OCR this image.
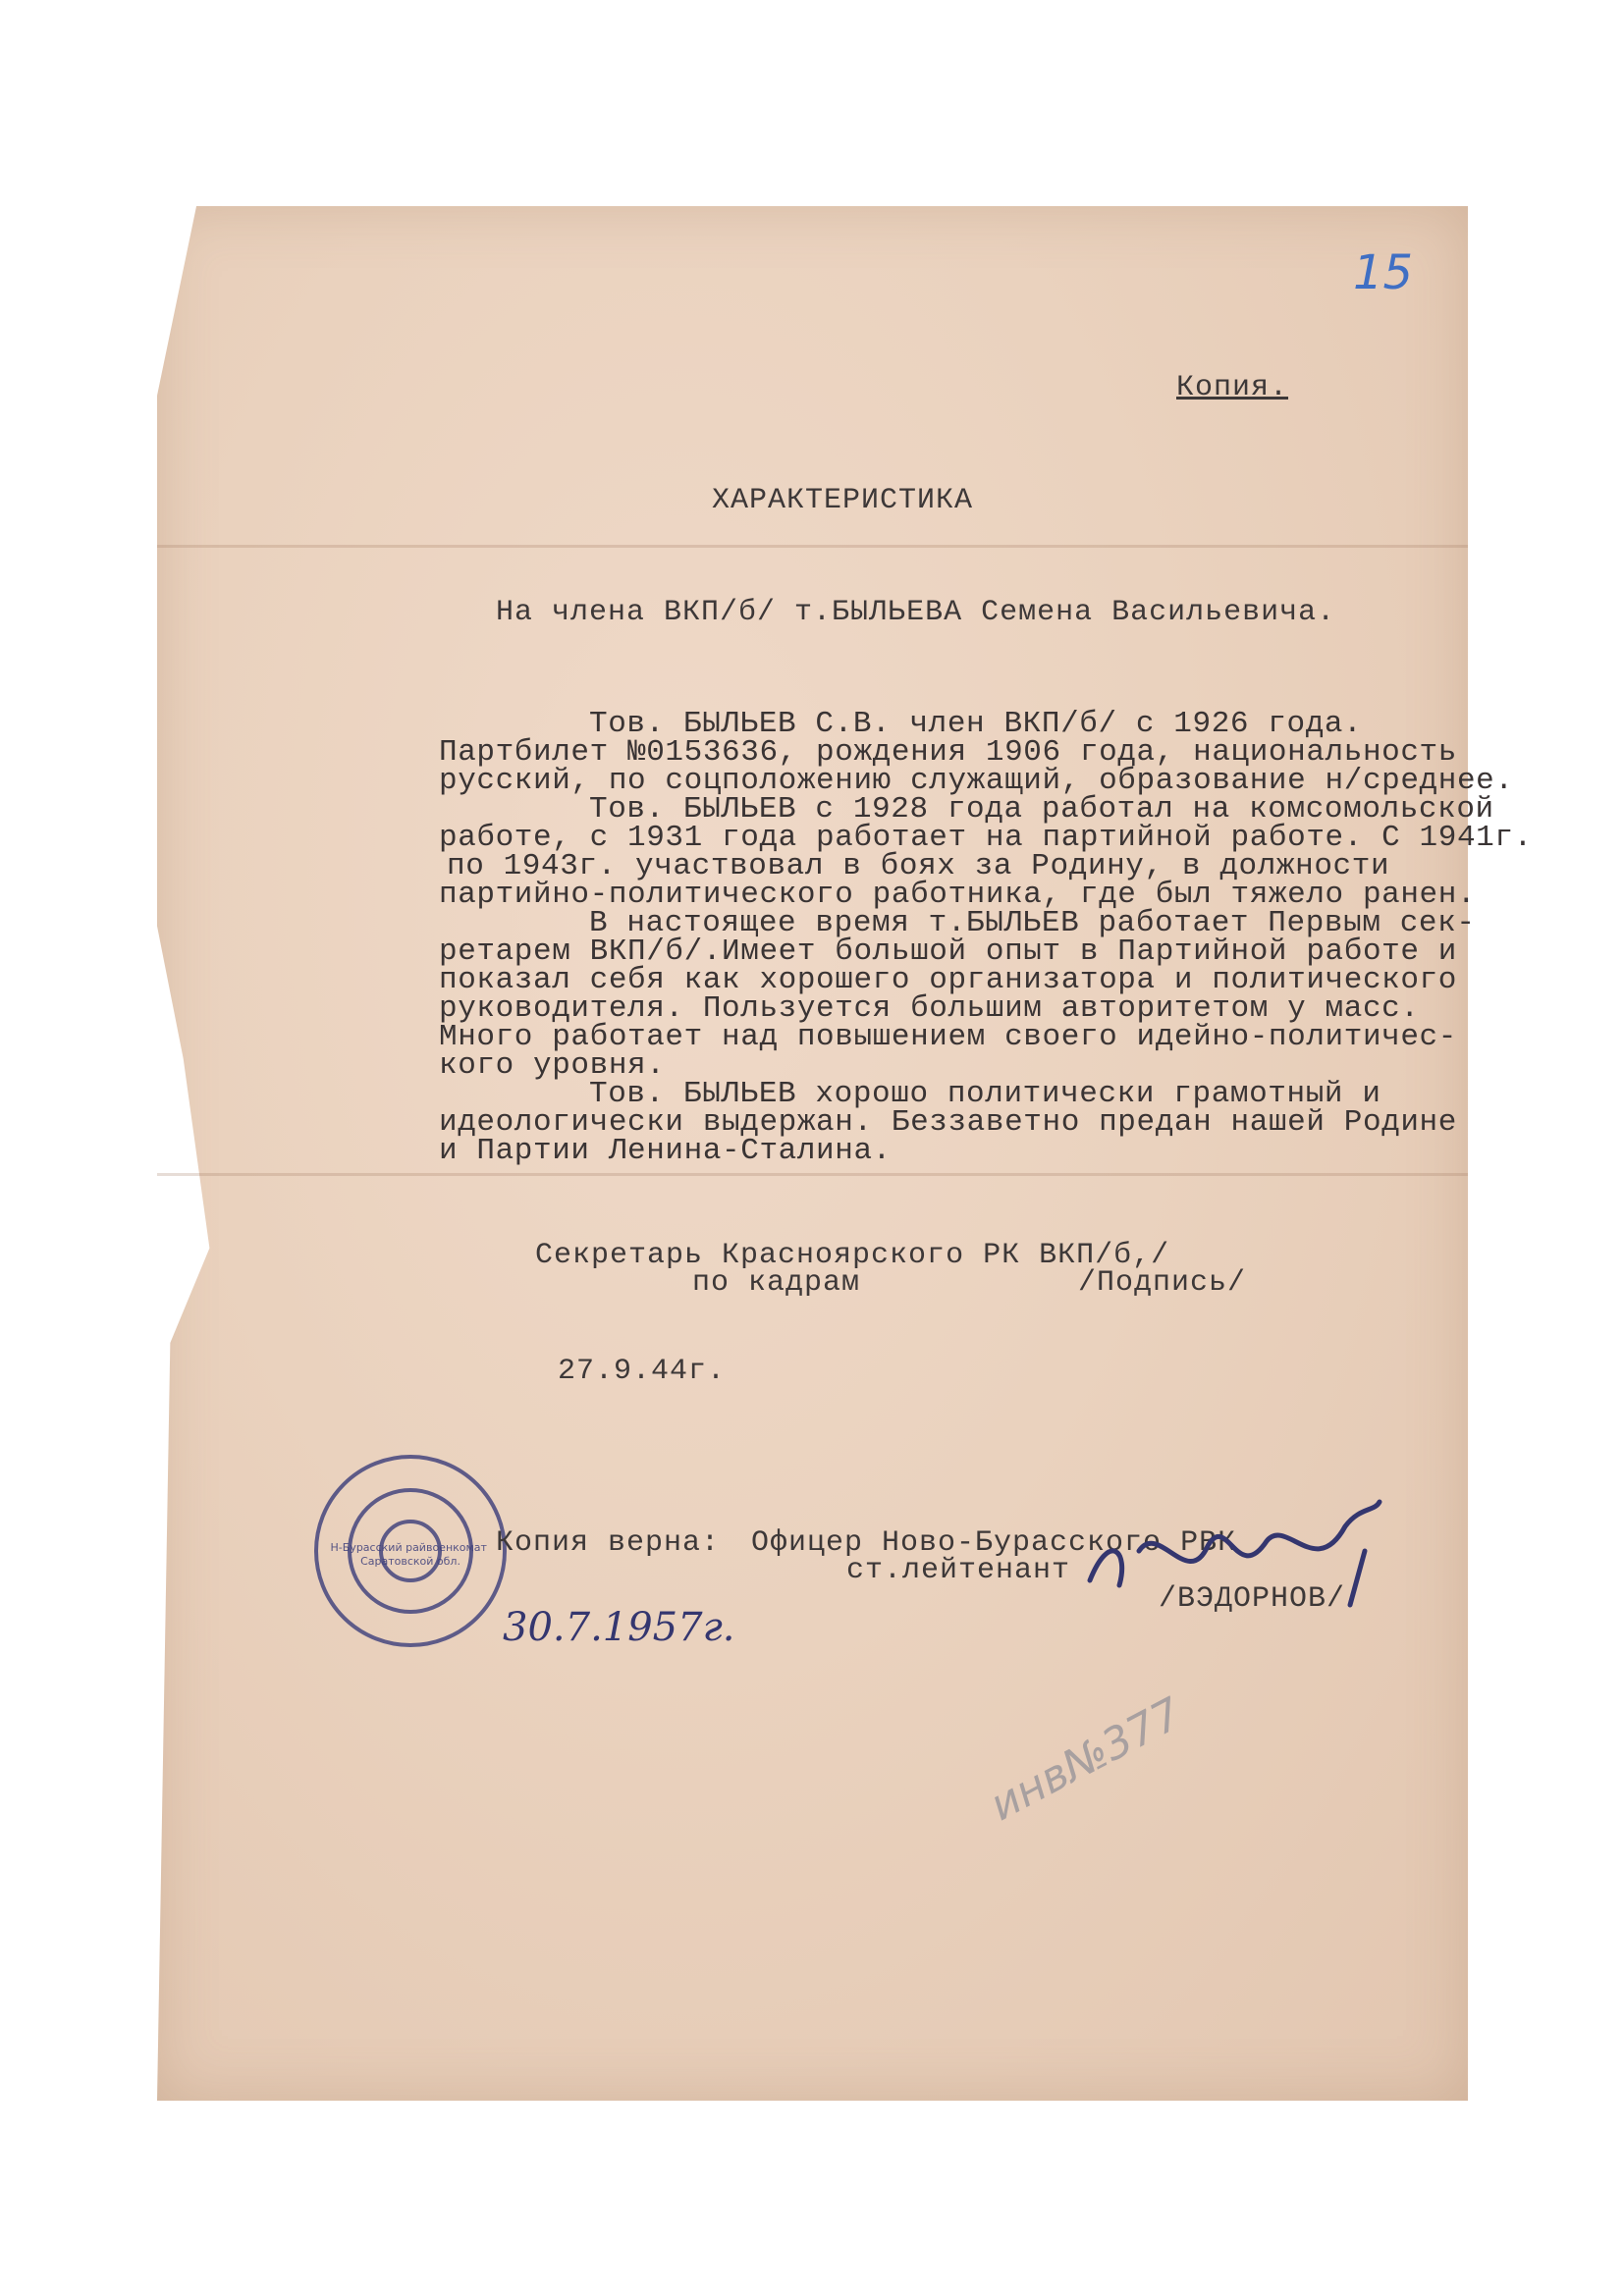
15
Копия.
ХАРАКТЕРИСТИКА
На члена ВКП/б/ т.БЫЛЬЕВА Семена Васильевича.
Тов. БЫЛЬЕВ С.В. член ВКП/б/ с 1926 года.
Партбилет №0153636, рождения 1906 года, национальность
русский, по соцположению служащий, образование н/среднее.
Тов. БЫЛЬЕВ с 1928 года работал на комсомольской
работе, с 1931 года работает на партийной работе. С 1941г.
по 1943г. участвовал в боях за Родину, в должности
партийно-политического работника, где был тяжело ранен.
В настоящее время т.БЫЛЬЕВ работает Первым сек-
ретарем ВКП/б/.Имеет большой опыт в Партийной работе и
показал себя как хорошего организатора и политического
руководителя. Пользуется большим авторитетом у масс.
Много работает над повышением своего идейно-политичес-
кого уровня.
Тов. БЫЛЬЕВ хорошо политически грамотный и
идеологически выдержан. Беззаветно предан нашей Родине
и Партии Ленина-Сталина.
Секретарь Красноярского РК ВКП/б,/
по кадрам	/Подпись/
27.9.44г.
Н-Бурасский райвоенкомат Саратовской обл.
Копия верна: Офицер Ново-Бурасского РВК
ст.лейтенант
/ВЭДОРНОВ/
30.7.1957г.
инв№377
